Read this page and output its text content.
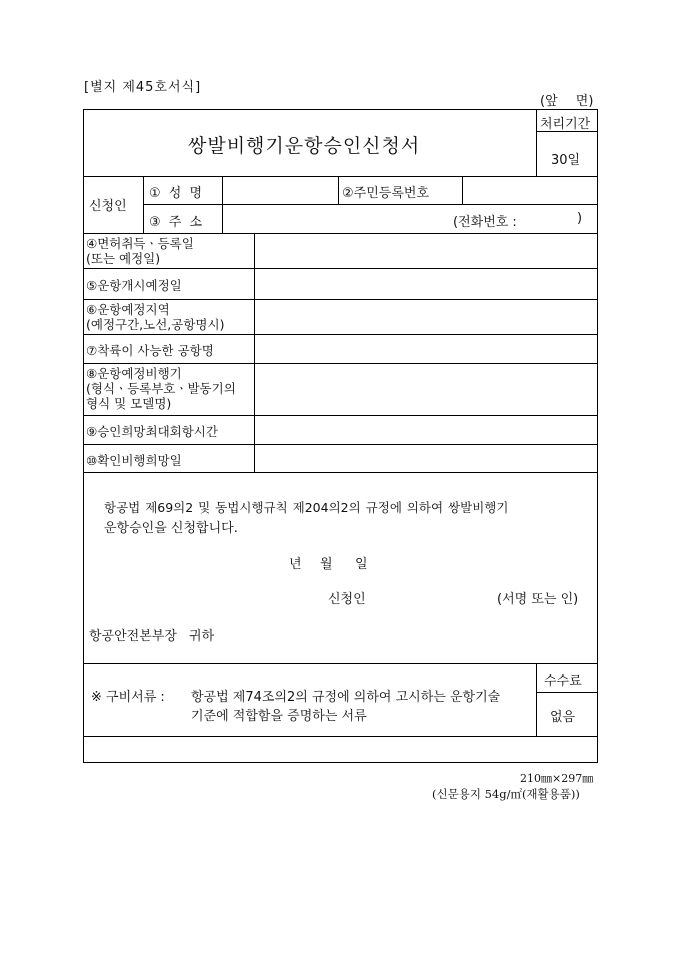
[별지 제45호서식]
(앞 면)
쌍발비행기운항승인신청서
처리기간
30일
신청인
① 성 명	②주민등록번호
③ 주 소	(전화번호 :	)
④면허취득ㆍ등록일
(또는 예정일)
⑤운항개시예정일
⑥운항예정지역
(예정구간,노선,공항명시)
⑦착륙이 사능한 공항명
⑧운항예정비행기
(형식ㆍ등록부호ㆍ발동기의
형식 및 모델명)
⑨승인희망최대회항시간
⑩확인비행희망일
항공법 제69의2 및 동법시행규칙 제204의2의 규정에 의하여 쌍발비행기
운항승인을 신청합니다.
년 월 일
신청인	(서명 또는 인)
항공안전본부장 귀하
※ 구비서류 : 항공법 제74조의2의 규정에 의하여 고시하는 운항기술
기준에 적합함을 증명하는 서류
수수료
없음
210㎜×297㎜
(신문용지 54g/㎡(재활용품))
